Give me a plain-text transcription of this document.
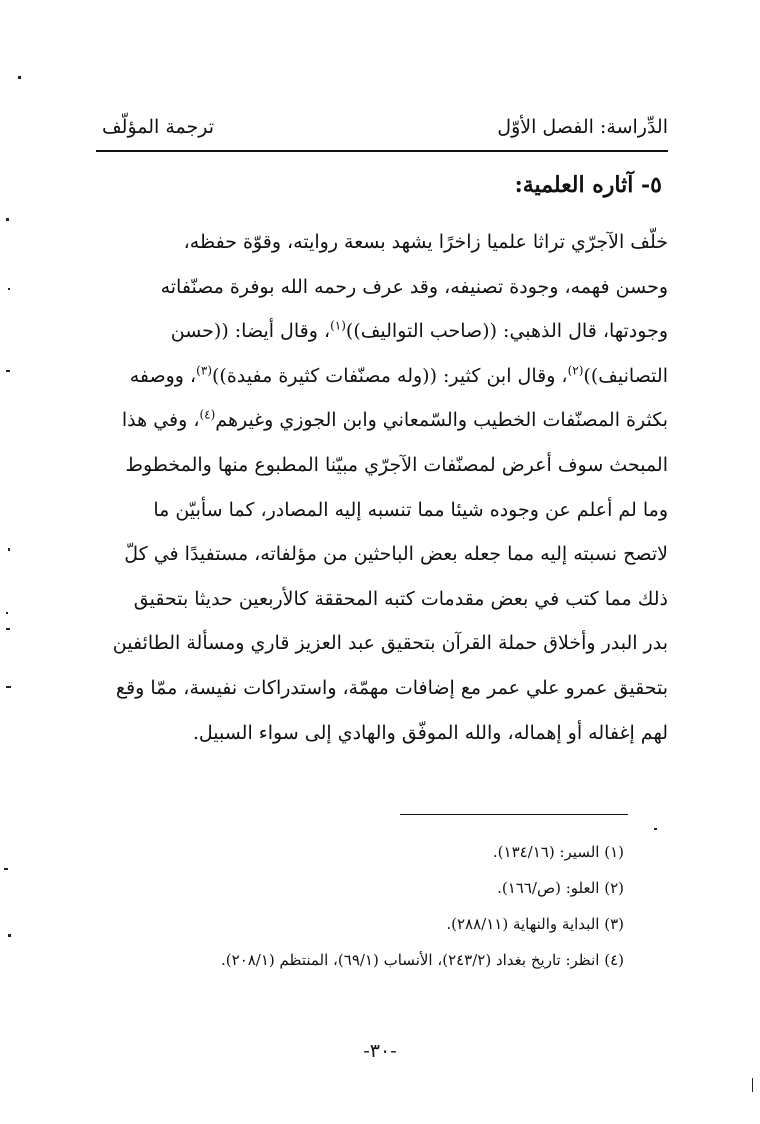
الدِّراسة: الفصل الأوّل
ترجمة المؤلّف
٥- آثاره العلمية:
خلّف الآجرّي تراثا علميا زاخرًا يشهد بسعة روايته، وقوّة حفظه،
وحسن فهمه، وجودة تصنيفه، وقد عرف رحمه الله بوفرة مصنّفاته
وجودتها، قال الذهبي: ((صاحب التواليف))$^{(١)}$، وقال أيضا: ((حسن
التصانيف))$^{(٢)}$، وقال ابن كثير: ((وله مصنّفات كثيرة مفيدة))$^{(٣)}$، ووصفه
بكثرة المصنّفات الخطيب والسّمعاني وابن الجوزي وغيرهم$^{(٤)}$، وفي هذا
المبحث سوف أعرض لمصنّفات الآجرّي مبيّنا المطبوع منها والمخطوط
وما لم أعلم عن وجوده شيئا مما تنسبه إليه المصادر، كما سأبيّن ما
لاتصح نسبته إليه مما جعله بعض الباحثين من مؤلفاته، مستفيدًا في كلّ
ذلك مما كتب في بعض مقدمات كتبه المحققة كالأربعين حديثا بتحقيق
بدر البدر وأخلاق حملة القرآن بتحقيق عبد العزيز قاري ومسألة الطائفين
بتحقيق عمرو علي عمر مع إضافات مهمّة، واستدراكات نفيسة، ممّا وقع
لهم إغفاله أو إهماله، والله الموفّق والهادي إلى سواء السبيل.
(١) السير: (١٣٤/١٦).
(٢) العلو: (ص/١٦٦).
(٣) البداية والنهاية (٢٨٨/١١).
(٤) انظر: تاريخ بغداد (٢٤٣/٢)، الأنساب (٦٩/١)، المنتظم (٢٠٨/١).
-٣٠-
